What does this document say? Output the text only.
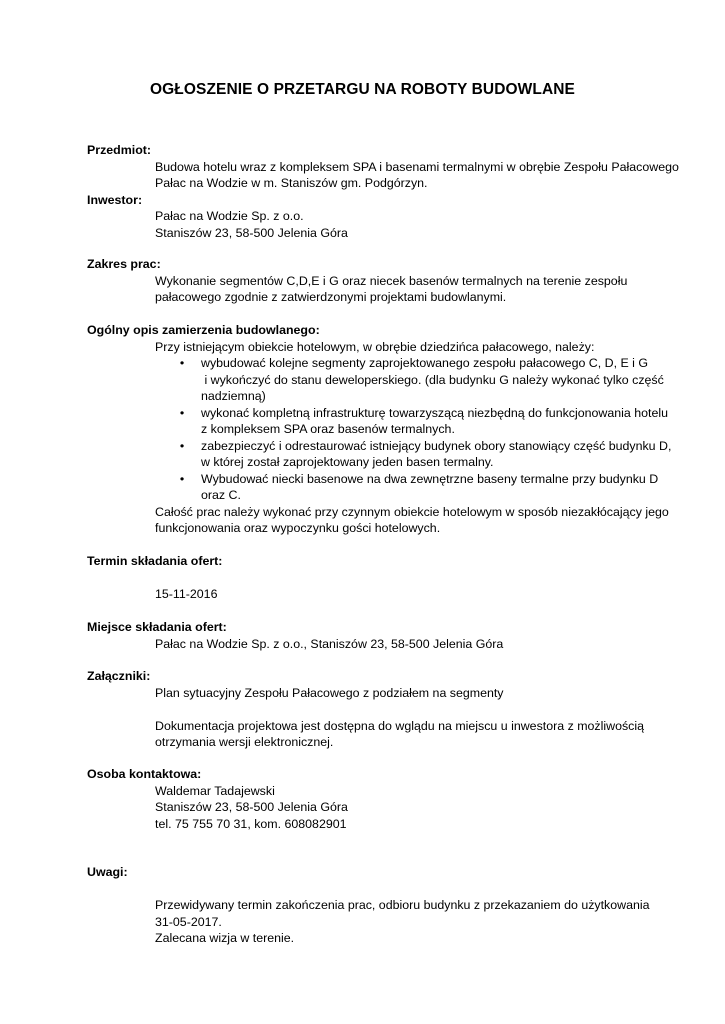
OGŁOSZENIE O PRZETARGU NA ROBOTY BUDOWLANE
Przedmiot:
Budowa hotelu wraz z kompleksem SPA i basenami termalnymi w obrębie Zespołu Pałacowego
Pałac na Wodzie w m. Staniszów gm. Podgórzyn.
Inwestor:
Pałac na Wodzie Sp. z o.o.
Staniszów 23, 58-500 Jelenia Góra
Zakres prac:
Wykonanie segmentów C,D,E i G oraz niecek basenów termalnych na terenie zespołu
pałacowego zgodnie z zatwierdzonymi projektami budowlanymi.
Ogólny opis zamierzenia budowlanego:
Przy istniejącym obiekcie hotelowym, w obrębie dziedzińca pałacowego, należy:
•	wybudować kolejne segmenty zaprojektowanego zespołu pałacowego C, D, E i G
i wykończyć do stanu deweloperskiego. (dla budynku G należy wykonać tylko część
nadziemną)
•	wykonać kompletną infrastrukturę towarzyszącą niezbędną do funkcjonowania hotelu
z kompleksem SPA oraz basenów termalnych.
•	zabezpieczyć i odrestaurować istniejący budynek obory stanowiący część budynku D,
w której został zaprojektowany jeden basen termalny.
•	Wybudować niecki basenowe na dwa zewnętrzne baseny termalne przy budynku D
oraz C.
Całość prac należy wykonać przy czynnym obiekcie hotelowym w sposób niezakłócający jego
funkcjonowania oraz wypoczynku gości hotelowych.
Termin składania ofert:
15-11-2016
Miejsce składania ofert:
Pałac na Wodzie Sp. z o.o., Staniszów 23, 58-500 Jelenia Góra
Załączniki:
Plan sytuacyjny Zespołu Pałacowego z podziałem na segmenty
Dokumentacja projektowa jest dostępna do wglądu na miejscu u inwestora z możliwością
otrzymania wersji elektronicznej.
Osoba kontaktowa:
Waldemar Tadajewski
Staniszów 23, 58-500 Jelenia Góra
tel. 75 755 70 31, kom. 608082901
Uwagi:
Przewidywany termin zakończenia prac, odbioru budynku z przekazaniem do użytkowania
31-05-2017.
Zalecana wizja w terenie.
